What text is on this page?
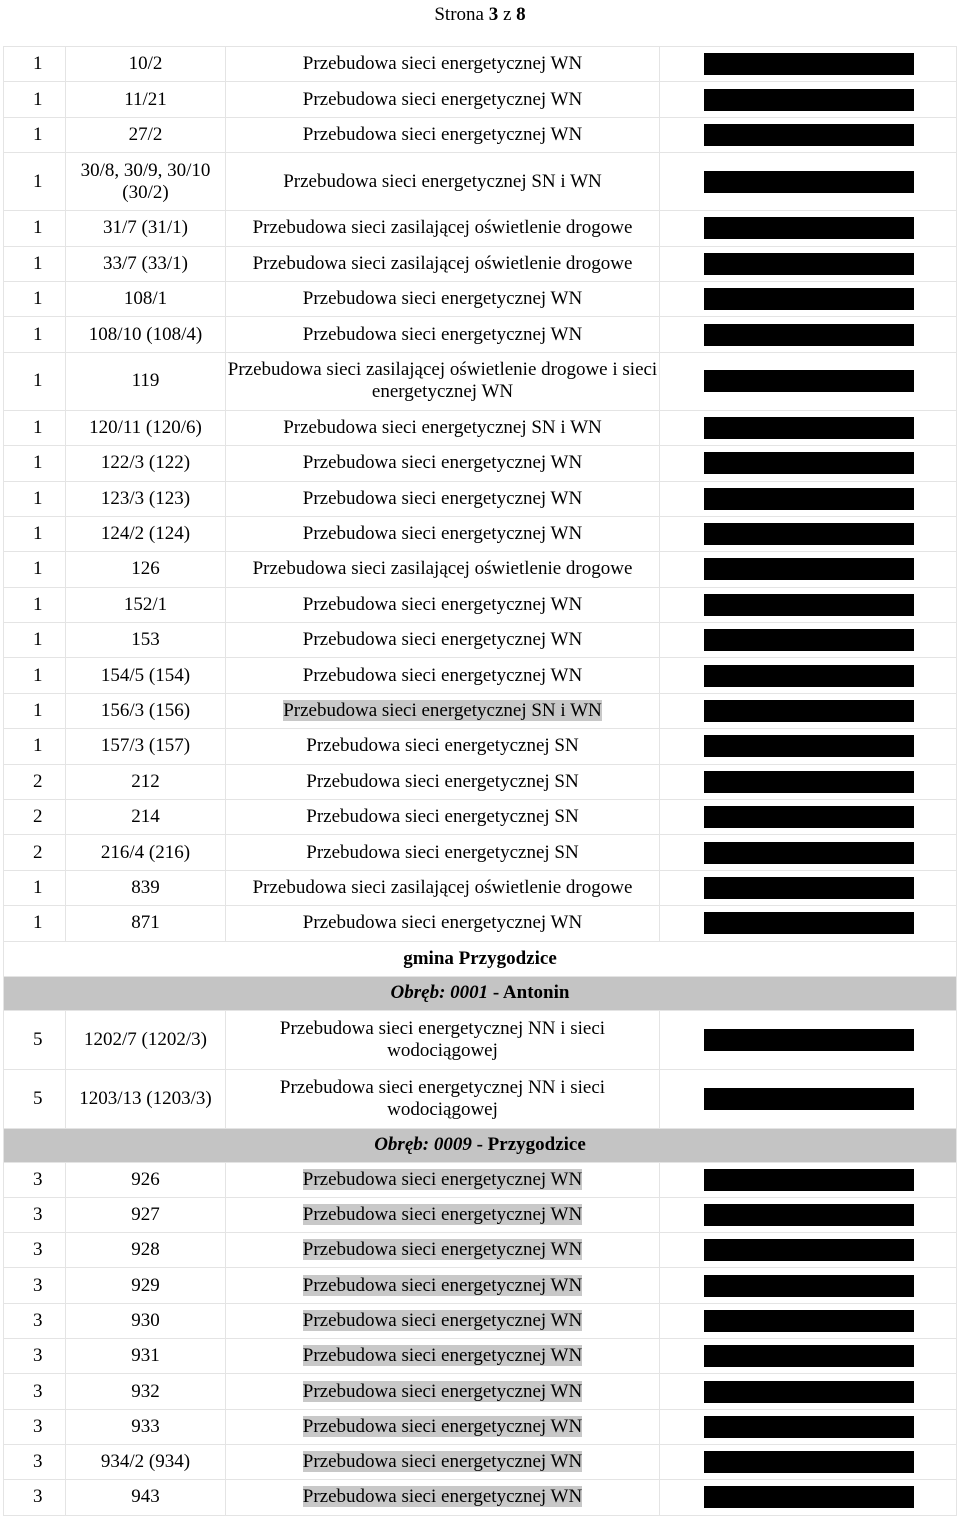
Strona 3 z 8
1	10/2	Przebudowa sieci energetycznej WN	

1	11/21	Przebudowa sieci energetycznej WN	

1	27/2	Przebudowa sieci energetycznej WN	

1	30/8, 30/9, 30/10 (30/2)	Przebudowa sieci energetycznej SN i WN	

1	31/7 (31/1)	Przebudowa sieci zasilającej oświetlenie drogowe	

1	33/7 (33/1)	Przebudowa sieci zasilającej oświetlenie drogowe	

1	108/1	Przebudowa sieci energetycznej WN	

1	108/10 (108/4)	Przebudowa sieci energetycznej WN	

1	119	Przebudowa sieci zasilającej oświetlenie drogowe i sieci energetycznej WN	

1	120/11 (120/6)	Przebudowa sieci energetycznej SN i WN	

1	122/3 (122)	Przebudowa sieci energetycznej WN	

1	123/3 (123)	Przebudowa sieci energetycznej WN	

1	124/2 (124)	Przebudowa sieci energetycznej WN	

1	126	Przebudowa sieci zasilającej oświetlenie drogowe	

1	152/1	Przebudowa sieci energetycznej WN	

1	153	Przebudowa sieci energetycznej WN	

1	154/5 (154)	Przebudowa sieci energetycznej WN	

1	156/3 (156)	Przebudowa sieci energetycznej SN i WN	

1	157/3 (157)	Przebudowa sieci energetycznej SN	

2	212	Przebudowa sieci energetycznej SN	

2	214	Przebudowa sieci energetycznej SN	

2	216/4 (216)	Przebudowa sieci energetycznej SN	

1	839	Przebudowa sieci zasilającej oświetlenie drogowe	

1	871	Przebudowa sieci energetycznej WN	

gmina Przygodzice			
Obręb: 0001 - Antonin			
5	1202/7 (1202/3)	Przebudowa sieci energetycznej NN i sieci wodociągowej	

5	1203/13 (1203/3)	Przebudowa sieci energetycznej NN i sieci wodociągowej	

Obręb: 0009 - Przygodzice			
3	926	Przebudowa sieci energetycznej WN	

3	927	Przebudowa sieci energetycznej WN	

3	928	Przebudowa sieci energetycznej WN	

3	929	Przebudowa sieci energetycznej WN	

3	930	Przebudowa sieci energetycznej WN	

3	931	Przebudowa sieci energetycznej WN	

3	932	Przebudowa sieci energetycznej WN	

3	933	Przebudowa sieci energetycznej WN	

3	934/2 (934)	Przebudowa sieci energetycznej WN	

3	943	Przebudowa sieci energetycznej WN	
